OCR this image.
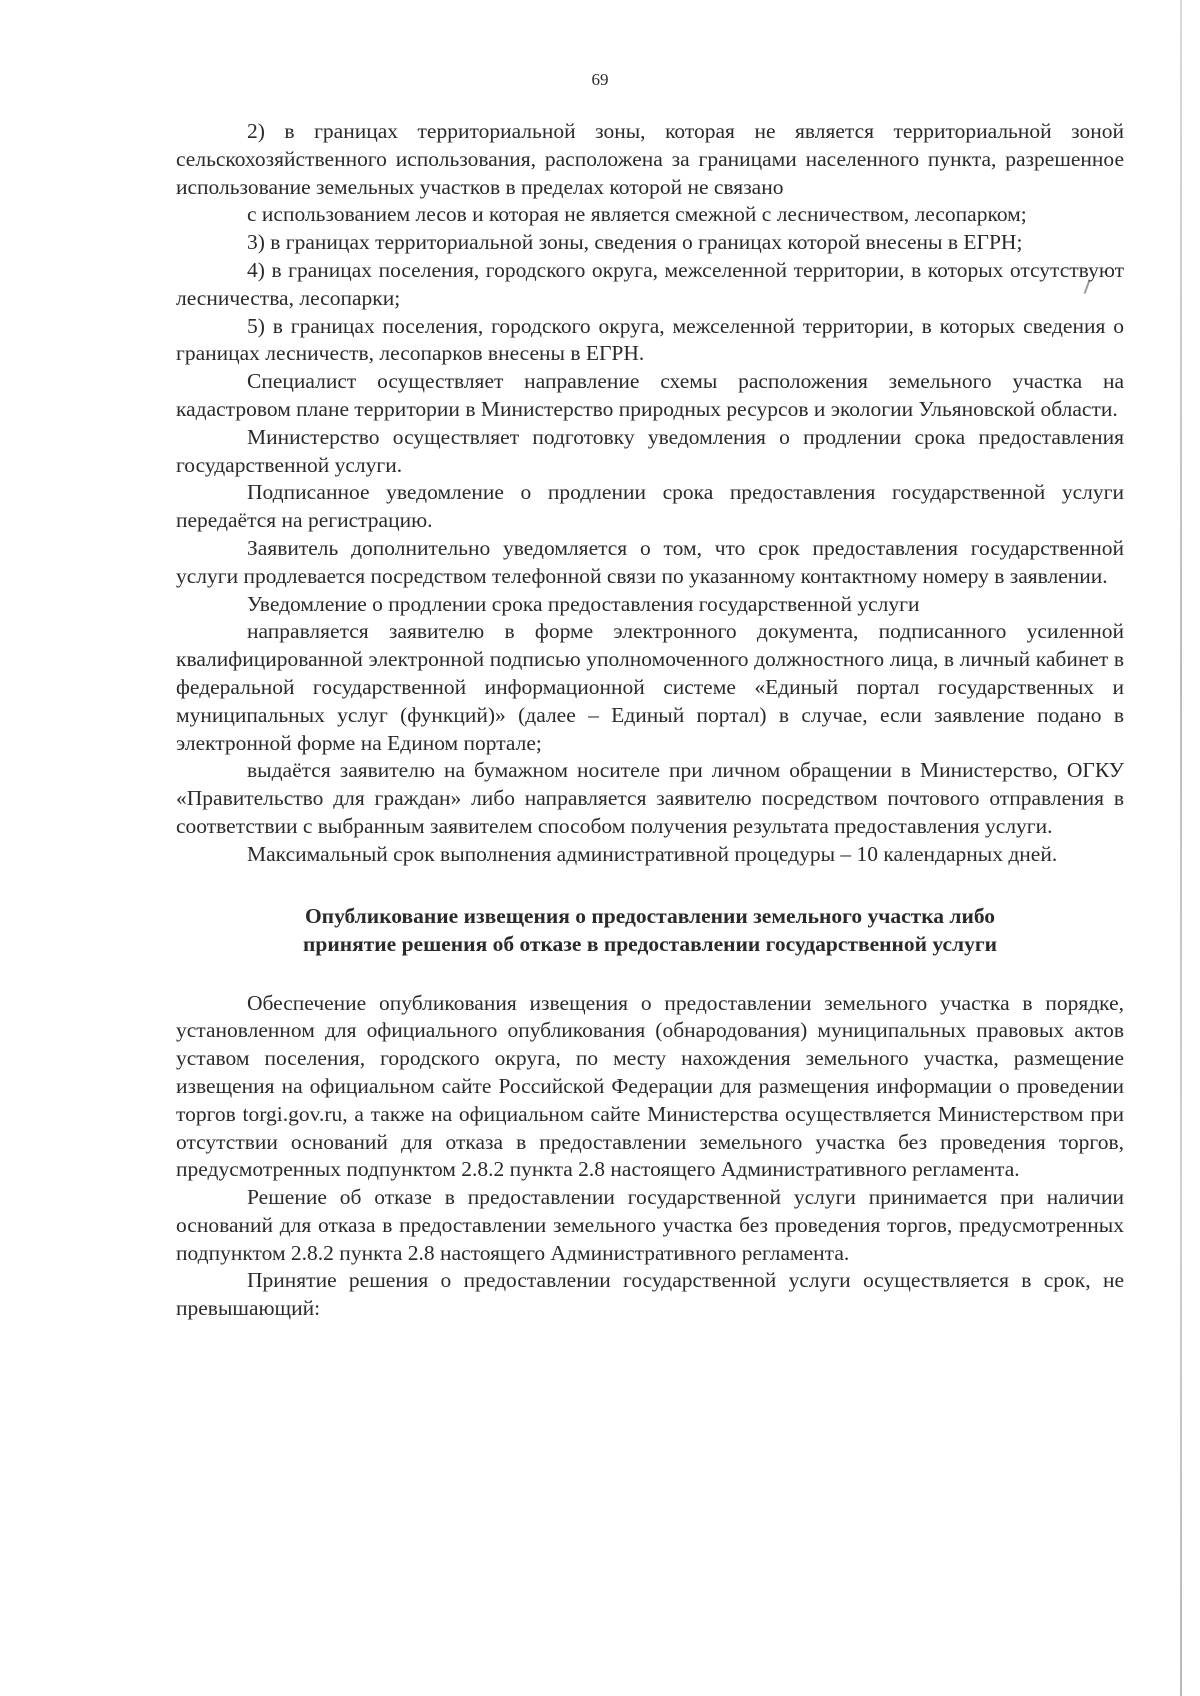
69

2) в границах территориальной зоны, которая не является территориальной зоной сельскохозяйственного использования, расположена за границами населенного пункта, разрешенное использование земельных участков в пределах которой не связано

с использованием лесов и которая не является смежной с лесничеством, лесопарком;

3) в границах территориальной зоны, сведения о границах которой внесены в ЕГРН;

4) в границах поселения, городского округа, межселенной территории, в которых отсутствуют лесничества, лесопарки;

5) в границах поселения, городского округа, межселенной территории, в которых сведения о границах лесничеств, лесопарков внесены в ЕГРН.

Специалист осуществляет направление схемы расположения земельного участка на кадастровом плане территории в Министерство природных ресурсов и экологии Ульяновской области.

Министерство осуществляет подготовку уведомления о продлении срока предоставления государственной услуги.

Подписанное уведомление о продлении срока предоставления государственной услуги передаётся на регистрацию.

Заявитель дополнительно уведомляется о том, что срок предоставления государственной услуги продлевается посредством телефонной связи по указанному контактному номеру в заявлении.

Уведомление о продлении срока предоставления государственной услуги

направляется заявителю в форме электронного документа, подписанного усиленной квалифицированной электронной подписью уполномоченного должностного лица, в личный кабинет в федеральной государственной информационной системе «Единый портал государственных и муниципальных услуг (функций)» (далее – Единый портал) в случае, если заявление подано в электронной форме на Едином портале;

выдаётся заявителю на бумажном носителе при личном обращении в Министерство, ОГКУ «Правительство для граждан» либо направляется заявителю посредством почтового отправления в соответствии с выбранным заявителем способом получения результата предоставления услуги.

Максимальный срок выполнения административной процедуры – 10 календарных дней.

Опубликование извещения о предоставлении земельного участка либо
принятие решения об отказе в предоставлении государственной услуги

Обеспечение опубликования извещения о предоставлении земельного участка в порядке, установленном для официального опубликования (обнародования) муниципальных правовых актов уставом поселения, городского округа, по месту нахождения земельного участка, размещение извещения на официальном сайте Российской Федерации для размещения информации о проведении торгов torgi.gov.ru, а также на официальном сайте Министерства осуществляется Министерством при отсутствии оснований для отказа в предоставлении земельного участка без проведения торгов, предусмотренных подпунктом 2.8.2 пункта 2.8 настоящего Административного регламента.

Решение об отказе в предоставлении государственной услуги принимается при наличии оснований для отказа в предоставлении земельного участка без проведения торгов, предусмотренных подпунктом 2.8.2 пункта 2.8 настоящего Административного регламента.

Принятие решения о предоставлении государственной услуги осуществляется в срок, не превышающий:
